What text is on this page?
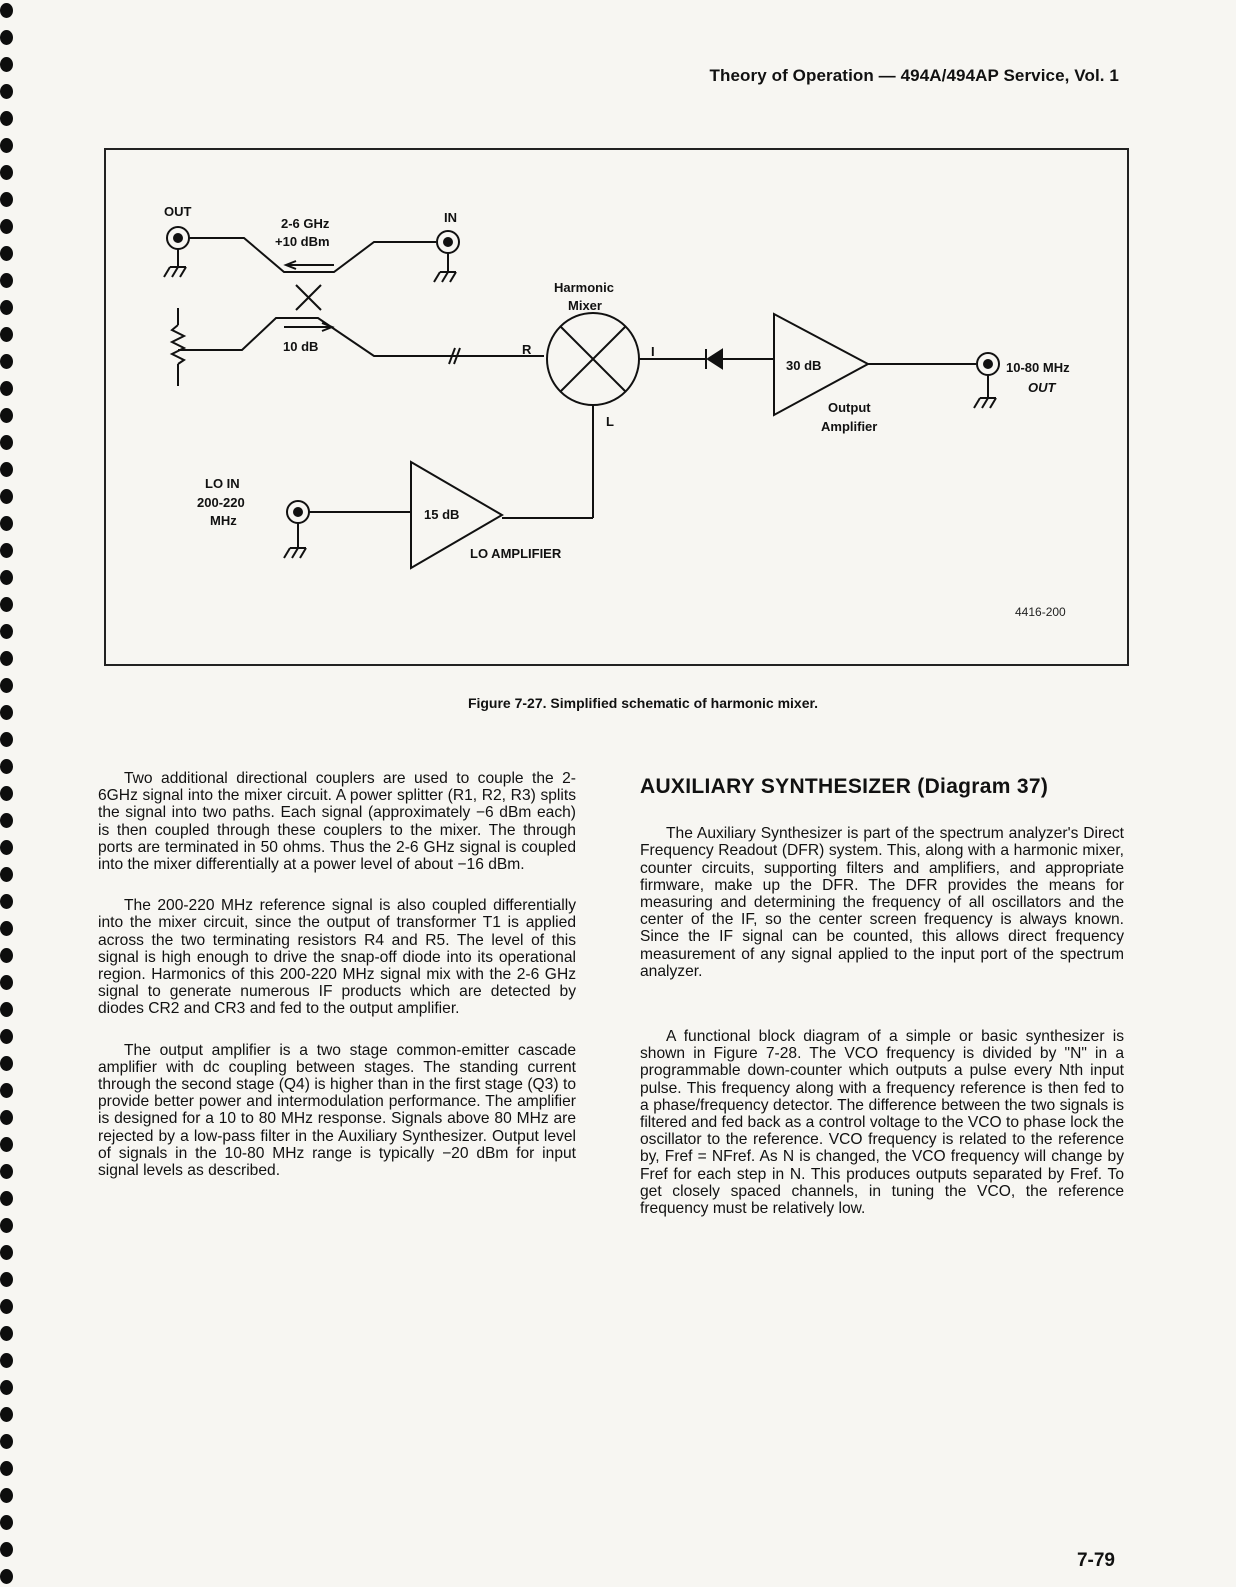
Theory of Operation — 494A/494AP Service, Vol. 1
OUT
2-6 GHz
+10 dBm
IN
10 dB
Harmonic
Mixer
R	I
L
30 dB
Output
Amplifier
10-80 MHz
OUT
LO IN
200-220
MHz	15 dB
LO AMPLIFIER
4416-200
Figure 7-27. Simplified schematic of harmonic mixer.

Two additional directional couplers are used to couple the 2-6GHz signal into the mixer circuit. A power splitter (R1, R2, R3) splits the signal into two paths. Each signal (approximately −6 dBm each) is then coupled through these couplers to the mixer. The through ports are terminated in 50 ohms. Thus the 2-6 GHz signal is coupled into the mixer differentially at a power level of about −16 dBm.

The 200-220 MHz reference signal is also coupled differentially into the mixer circuit, since the output of transformer T1 is applied across the two terminating resistors R4 and R5. The level of this signal is high enough to drive the snap-off diode into its operational region. Harmonics of this 200-220 MHz signal mix with the 2-6 GHz signal to generate numerous IF products which are detected by diodes CR2 and CR3 and fed to the output amplifier.

The output amplifier is a two stage common-emitter cascade amplifier with dc coupling between stages. The standing current through the second stage (Q4) is higher than in the first stage (Q3) to provide better power and intermodulation performance. The amplifier is designed for a 10 to 80 MHz response. Signals above 80 MHz are rejected by a low-pass filter in the Auxiliary Synthesizer. Output level of signals in the 10-80 MHz range is typically −20 dBm for input signal levels as described.

AUXILIARY SYNTHESIZER (Diagram 37)

The Auxiliary Synthesizer is part of the spectrum analyzer's Direct Frequency Readout (DFR) system. This, along with a harmonic mixer, counter circuits, supporting filters and amplifiers, and appropriate firmware, make up the DFR. The DFR provides the means for measuring and determining the frequency of all oscillators and the center of the IF, so the center screen frequency is always known. Since the IF signal can be counted, this allows direct frequency measurement of any signal applied to the input port of the spectrum analyzer.

A functional block diagram of a simple or basic synthesizer is shown in Figure 7-28. The VCO frequency is divided by "N" in a programmable down-counter which outputs a pulse every Nth input pulse. This frequency along with a frequency reference is then fed to a phase/frequency detector. The difference between the two signals is filtered and fed back as a control voltage to the VCO to phase lock the oscillator to the reference. VCO frequency is related to the reference by, Fref = NFref. As N is changed, the VCO frequency will change by Fref for each step in N. This produces outputs separated by Fref. To get closely spaced channels, in tuning the VCO, the reference frequency must be relatively low.

7-79
